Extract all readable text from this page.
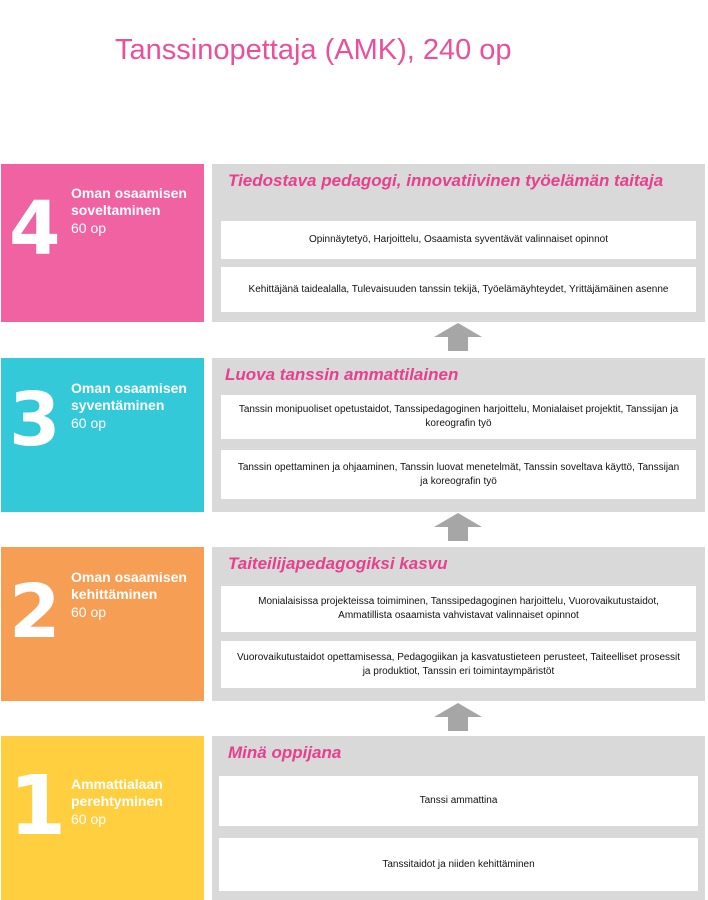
Tanssinopettaja (AMK), 240 op
4 Oman osaamisen soveltaminen
60 op
Tiedostava pedagogi, innovatiivinen työelämän taitaja
Opinnäytetyö, Harjoittelu, Osaamista syventävät valinnaiset opinnot
Kehittäjänä taidealalla, Tulevaisuuden tanssin tekijä, Työelämäyhteydet, Yrittäjämäinen asenne
3 Oman osaamisen syventäminen
60 op
Luova tanssin ammattilainen
Tanssin monipuoliset opetustaidot, Tanssipedagoginen harjoittelu, Monialaiset projektit, Tanssijan ja koreografin työ
Tanssin opettaminen ja ohjaaminen, Tanssin luovat menetelmät, Tanssin soveltava käyttö, Tanssijan ja koreografin työ
2 Oman osaamisen kehittäminen
60 op
Taiteilijapedagogiksi kasvu
Monialaisissa projekteissa toimiminen, Tanssipedagoginen harjoittelu, Vuorovaikutustaidot, Ammatillista osaamista vahvistavat valinnaiset opinnot
Vuorovaikutustaidot opettamisessa, Pedagogiikan ja kasvatustieteen perusteet, Taiteelliset prosessit ja produktiot, Tanssin eri toimintaympäristöt
1 Ammattialaan perehtyminen
60 op
Minä oppijana
Tanssi ammattina
Tanssitaidot ja niiden kehittäminen
